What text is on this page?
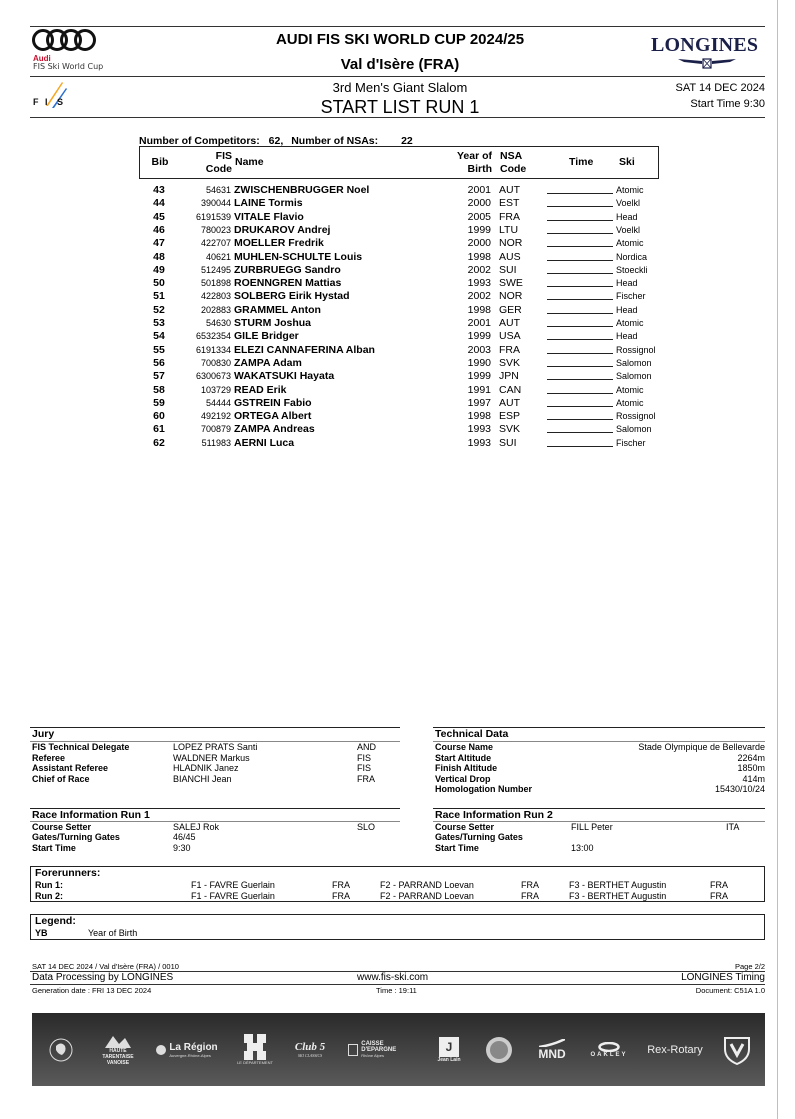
Audi
FIS Ski World Cup
AUDI FIS SKI WORLD CUP 2024/25
Val d'Isère (FRA)
LONGINES
F I S
3rd Men's Giant Slalom
START LIST RUN 1
SAT 14 DEC 2024
Start Time 9:30
Number of Competitors: 62, Number of NSAs: 22
Bib	FIS
Code
Name	Year of
Birth
NSA
Code
Time Ski
43	54631 ZWISCHENBRUGGER Noel	2001 AUT	Atomic
44	390044 LAINE Tormis	2000 EST	Voelkl
45	6191539 VITALE Flavio	2005 FRA	Head
46	780023 DRUKAROV Andrej	1999 LTU	Voelkl
47	422707 MOELLER Fredrik	2000 NOR	Atomic
48	40621 MUHLEN-SCHULTE Louis	1998 AUS	Nordica
49	512495 ZURBRUEGG Sandro	2002 SUI	Stoeckli
50	501898 ROENNGREN Mattias	1993 SWE	Head
51	422803 SOLBERG Eirik Hystad	2002 NOR	Fischer
52	202883 GRAMMEL Anton	1998 GER	Head
53	54630 STURM Joshua	2001 AUT	Atomic
54	6532354 GILE Bridger	1999 USA	Head
55	6191334 ELEZI CANNAFERINA Alban	2003 FRA	Rossignol
56	700830 ZAMPA Adam	1990 SVK	Salomon
57	6300673 WAKATSUKI Hayata	1999 JPN	Salomon
58	103729 READ Erik	1991 CAN	Atomic
59	54444 GSTREIN Fabio	1997 AUT	Atomic
60	492192 ORTEGA Albert	1998 ESP	Rossignol
61	700879 ZAMPA Andreas	1993 SVK	Salomon
62	511983 AERNI Luca	1993 SUI	Fischer
Jury
FIS Technical Delegate	LOPEZ PRATS Santi	AND
Referee	WALDNER Markus	FIS
Assistant Referee	HLADNIK Janez	FIS
Chief of Race	BIANCHI Jean	FRA
Technical Data
Course Name	Stade Olympique de Bellevarde
Start Altitude	2264m
Finish Altitude	1850m
Vertical Drop	414m
Homologation Number	15430/10/24
Race Information Run 1
Course Setter	SALEJ Rok	SLO
Gates/Turning Gates	46/45
Start Time	9:30
Race Information Run 2
Course Setter	FILL Peter	ITA
Gates/Turning Gates
Start Time	13:00
Forerunners:
Run 1:	F1 - FAVRE Guerlain	FRA	F2 - PARRAND Loevan	FRA	F3 - BERTHET Augustin	FRA
Run 2:	F1 - FAVRE Guerlain	FRA	F2 - PARRAND Loevan	FRA	F3 - BERTHET Augustin	FRA
Legend:
YB	Year of Birth
SAT 14 DEC 2024 / Val d'Isère (FRA) / 0010	Page 2/2
Data Processing by LONGINES	www.fis-ski.com	LONGINES Timing
Generation date : FRI 13 DEC 2024	Time : 19:11	Document: C51A 1.0
HAUTE TARENTAISE VANOISE
La Région
Auvergne-Rhône-Alpes
LE DÉPARTEMENT
Club 5
SKI CLASSICS
CAISSE D'EPARGNE
Rhône Alpes
J
Jean Lain	MND	OAKLEY Rex-Rotary
